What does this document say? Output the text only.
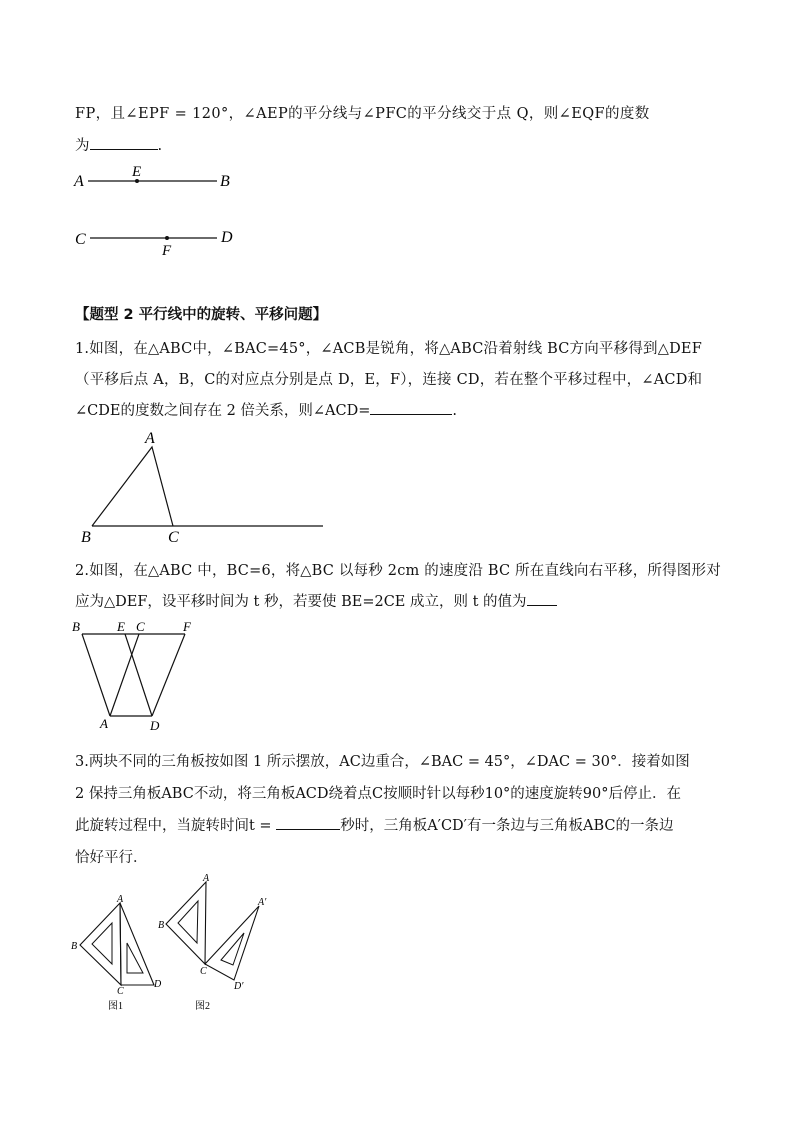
FP，且∠EPF = 120°，∠AEP的平分线与∠PFC的平分线交于点 Q，则∠EQF的度数
为	.
A
E
B
C	D
F
【题型 2 平行线中的旋转、平移问题】
1.如图，在△ABC中，∠BAC=45°，∠ACB是锐角，将△ABC沿着射线 BC方向平移得到△DEF
（平移后点 A，B，C的对应点分别是点 D，E，F），连接 CD，若在整个平移过程中，∠ACD和
∠CDE的度数之间存在 2 倍关系，则∠ACD=	.
A
B	C
2.如图，在△ABC 中，BC=6，将△BC 以每秒 2cm 的速度沿 BC 所在直线向右平移，所得图形对
应为△DEF，设平移时间为 t 秒，若要使 BE=2CE 成立，则 t 的值为
B	E C	F
A	D
3.两块不同的三角板按如图 1 所示摆放，AC边重合，∠BAC = 45°，∠DAC = 30°．接着如图
2 保持三角板ABC不动，将三角板ACD绕着点C按顺时针以每秒10°的速度旋转90°后停止．在
此旋转过程中，当旋转时间t =	秒时，三角板A′CD′有一条边与三角板ABC的一条边
恰好平行．
A
B
C
D
图1
A
B
C
A′
D′
图2
